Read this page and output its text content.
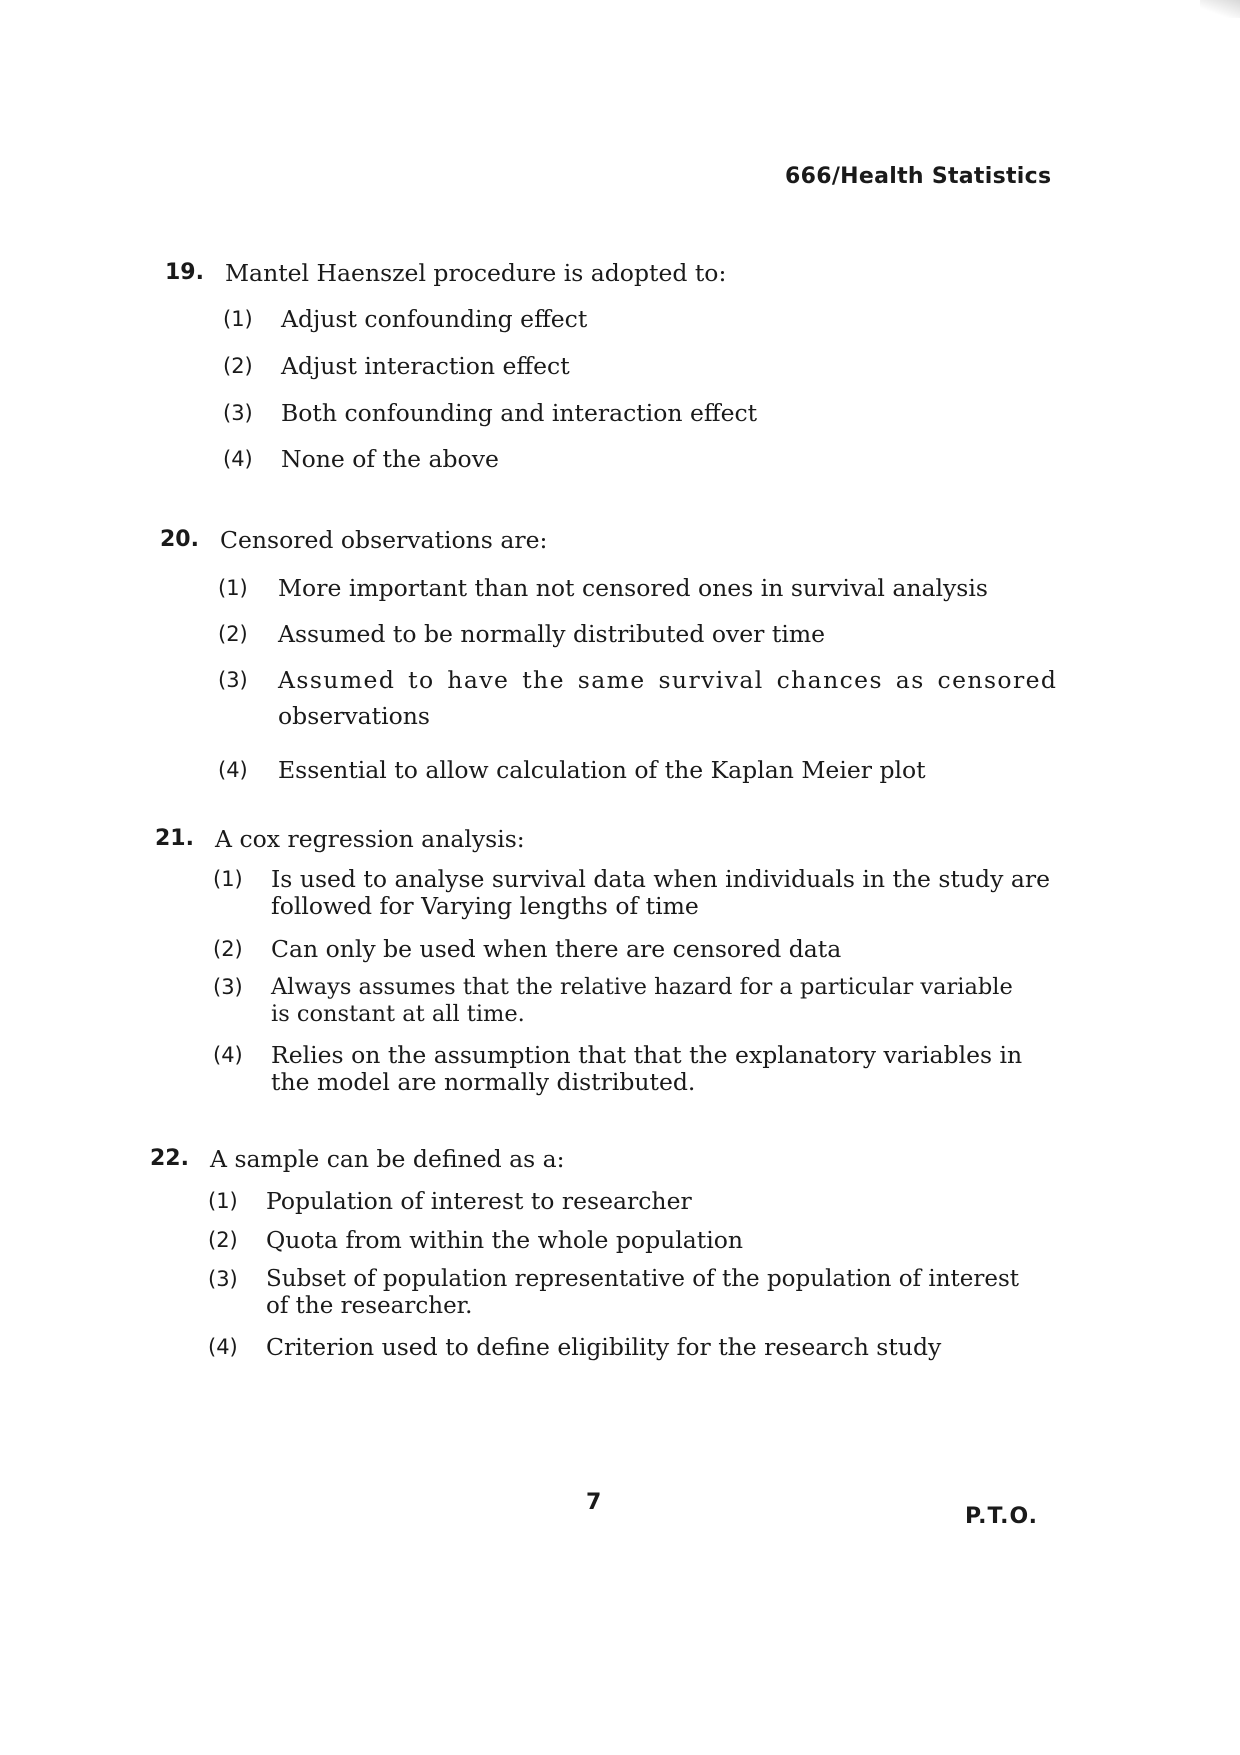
666/Health Statistics
19. Mantel Haenszel procedure is adopted to:
(1) Adjust confounding effect
(2) Adjust interaction effect
(3) Both confounding and interaction effect
(4) None of the above
20. Censored observations are:
(1) More important than not censored ones in survival analysis
(2) Assumed to be normally distributed over time
(3) Assumed to have the same survival chances as censored
observations
(4) Essential to allow calculation of the Kaplan Meier plot
21. A cox regression analysis:
(1) Is used to analyse survival data when individuals in the study are
followed for Varying lengths of time
(2) Can only be used when there are censored data
(3) Always assumes that the relative hazard for a particular variable
is constant at all time.
(4) Relies on the assumption that that the explanatory variables in
the model are normally distributed.
22. A sample can be defined as a:
(1) Population of interest to researcher
(2) Quota from within the whole population
(3) Subset of population representative of the population of interest
of the researcher.
(4) Criterion used to define eligibility for the research study
7
P.T.O.
